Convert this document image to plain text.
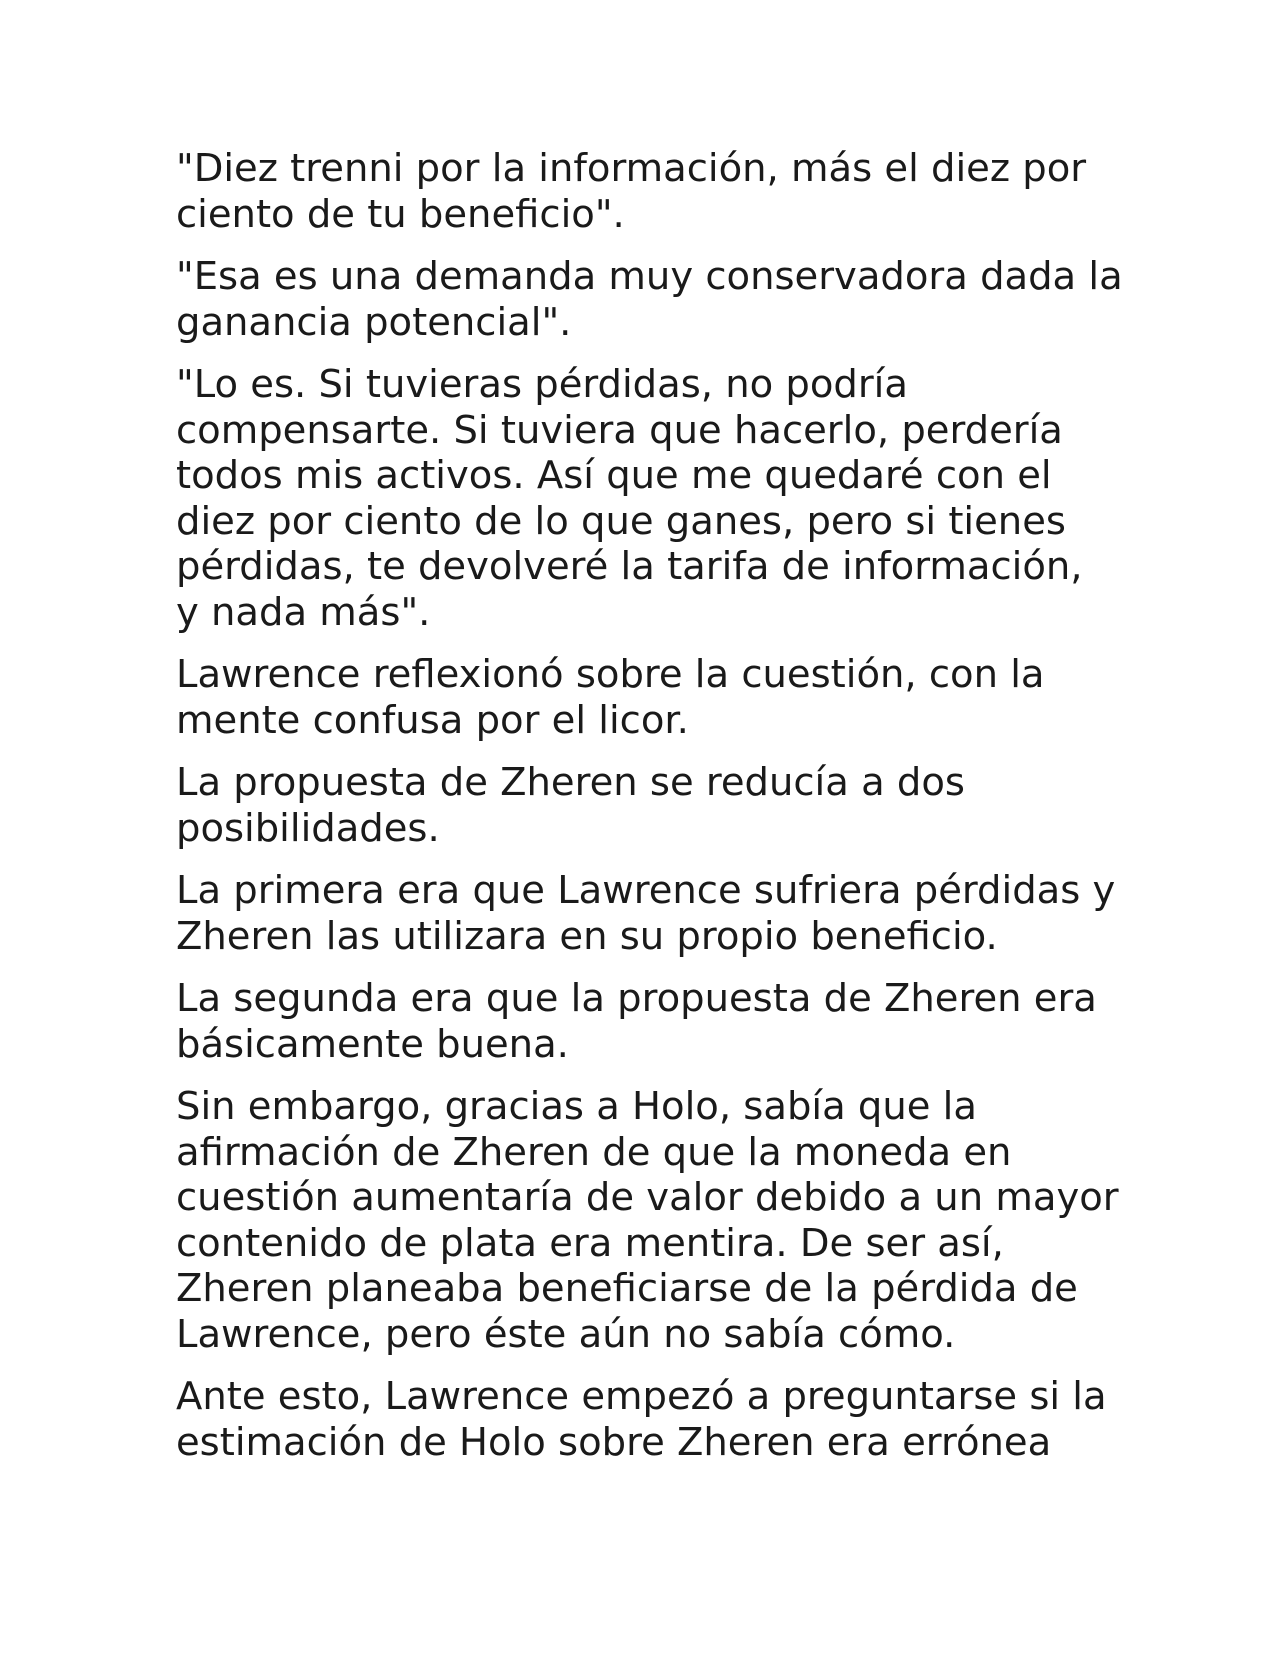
"Diez trenni por la información, más el diez por
ciento de tu beneficio".

"Esa es una demanda muy conservadora dada la
ganancia potencial".

"Lo es. Si tuvieras pérdidas, no podría
compensarte. Si tuviera que hacerlo, perdería
todos mis activos. Así que me quedaré con el
diez por ciento de lo que ganes, pero si tienes
pérdidas, te devolveré la tarifa de información,
y nada más".

Lawrence reflexionó sobre la cuestión, con la
mente confusa por el licor.

La propuesta de Zheren se reducía a dos
posibilidades.

La primera era que Lawrence sufriera pérdidas y
Zheren las utilizara en su propio beneficio.

La segunda era que la propuesta de Zheren era
básicamente buena.

Sin embargo, gracias a Holo, sabía que la
afirmación de Zheren de que la moneda en
cuestión aumentaría de valor debido a un mayor
contenido de plata era mentira. De ser así,
Zheren planeaba beneficiarse de la pérdida de
Lawrence, pero éste aún no sabía cómo.

Ante esto, Lawrence empezó a preguntarse si la
estimación de Holo sobre Zheren era errónea
